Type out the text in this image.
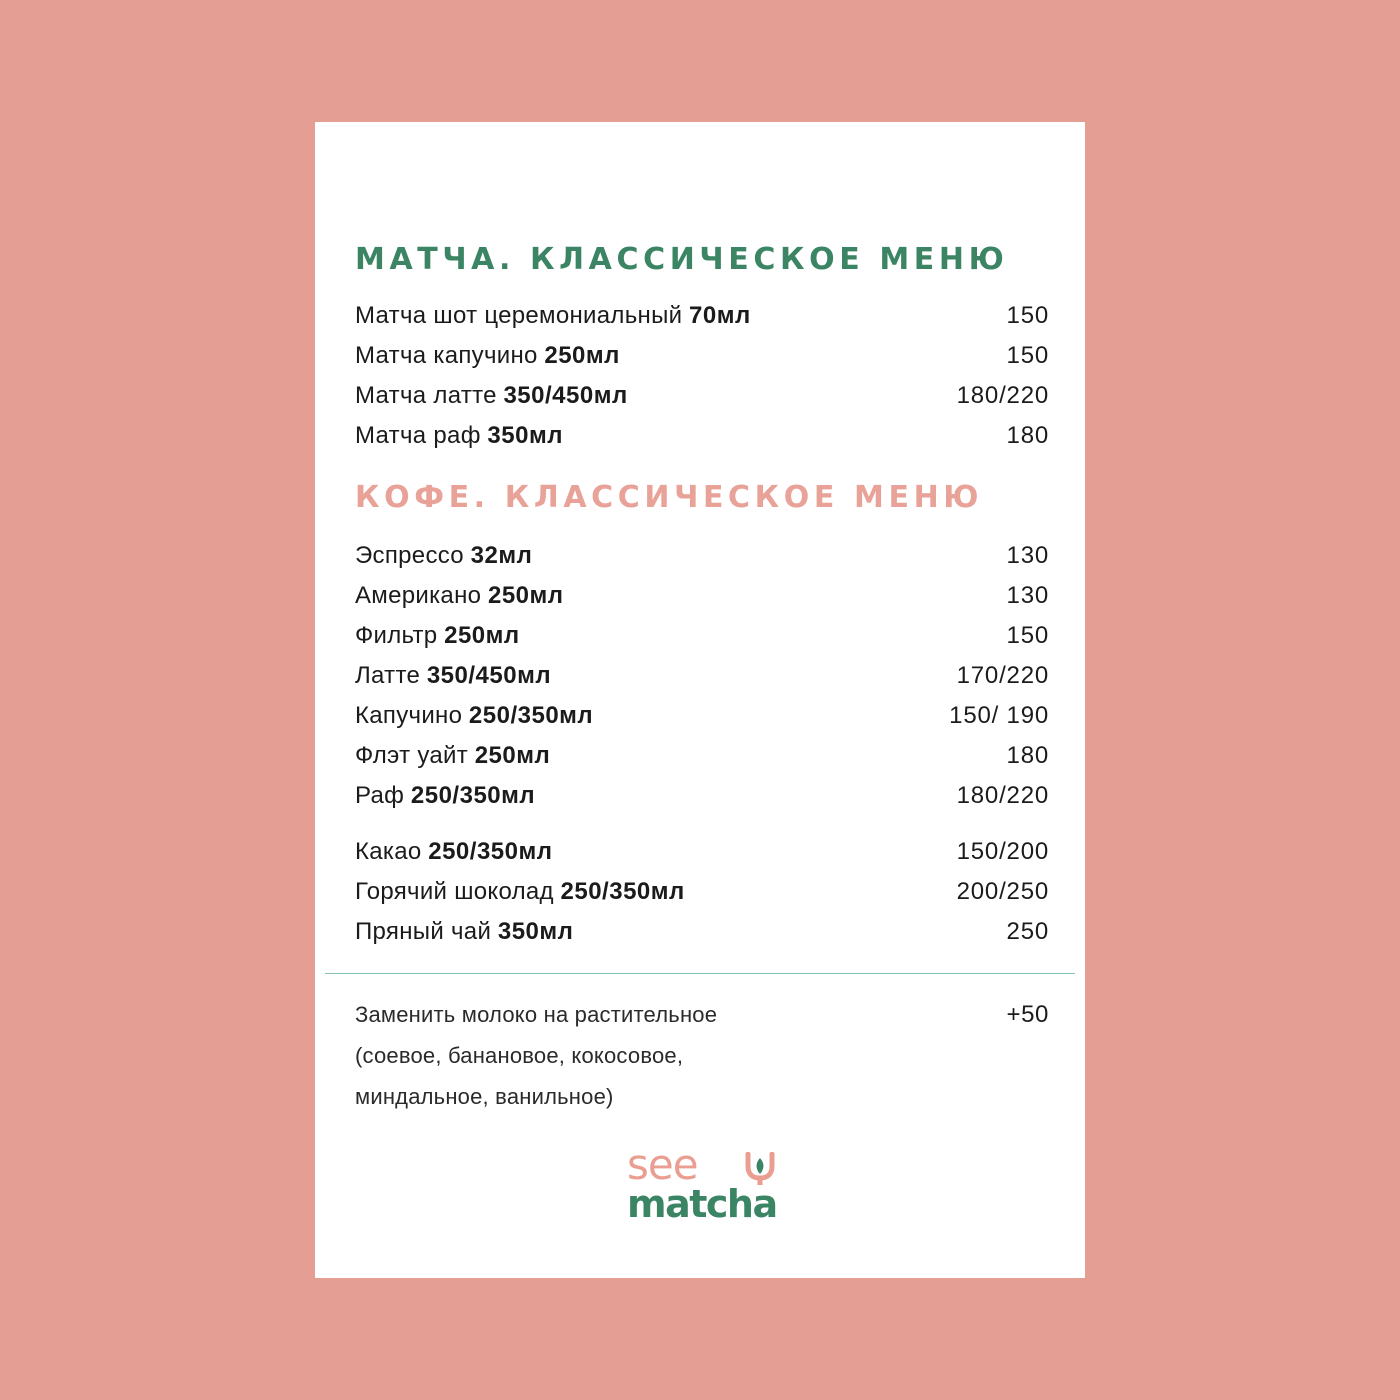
МАТЧА. КЛАССИЧЕСКОЕ МЕНЮ
Матча шот церемониальный 70мл	150
Матча капучино 250мл	150
Матча латте 350/450мл	180/220
Матча раф 350мл	180
КОФЕ. КЛАССИЧЕСКОЕ МЕНЮ
Эспрессо 32мл	130
Американо 250мл	130
Фильтр 250мл	150
Латте 350/450мл	170/220
Капучино 250/350мл	150/ 190
Флэт уайт 250мл	180
Раф 250/350мл	180/220
Какао 250/350мл	150/200
Горячий шоколад 250/350мл	200/250
Пряный чай 350мл	250
Заменить молоко на растительное
(соевое, банановое, кокосовое,
миндальное, ванильное)
+50
see
matcha
